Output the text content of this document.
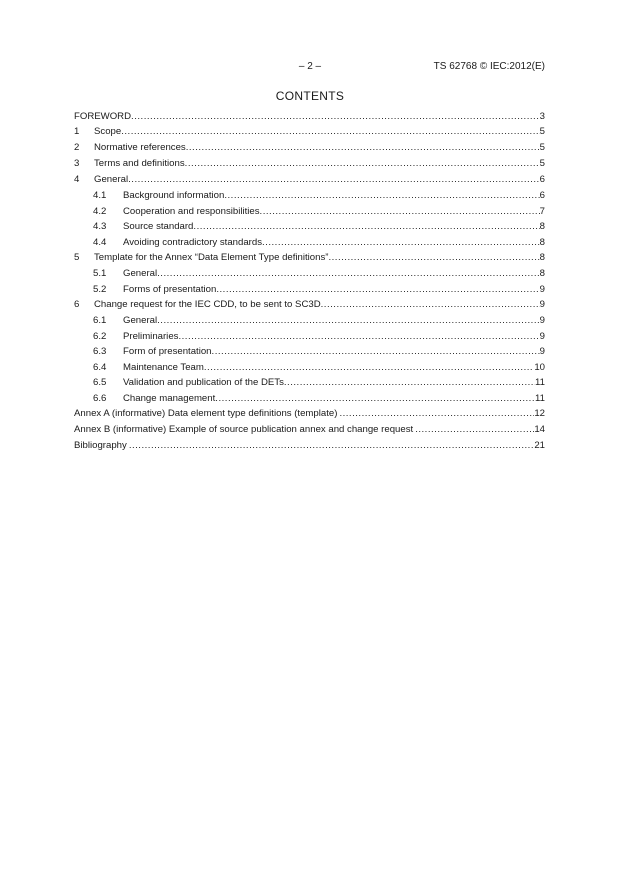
– 2 –	TS 62768 © IEC:2012(E)
CONTENTS
FOREWORD .....	3
1	Scope .....	5
2	Normative references .....	5
3	Terms and definitions .....	5
4	General .....	6
4.1	Background information .....	6
4.2	Cooperation and responsibilities .....	7
4.3	Source standard .....	8
4.4	Avoiding contradictory standards .....	8
5	Template for the Annex “Data Element Type definitions” .....	8
5.1	General .....	8
5.2	Forms of presentation .....	9
6	Change request for the IEC CDD, to be sent to SC3D .....	9
6.1	General .....	9
6.2	Preliminaries .....	9
6.3	Form of presentation .....	9
6.4	Maintenance Team .....	10
6.5	Validation and publication of the DETs .....	11
6.6	Change management .....	11
Annex A (informative) Data element type definitions (template) .....	12
Annex B (informative) Example of source publication annex and change request .....	14
Bibliography .....	21
